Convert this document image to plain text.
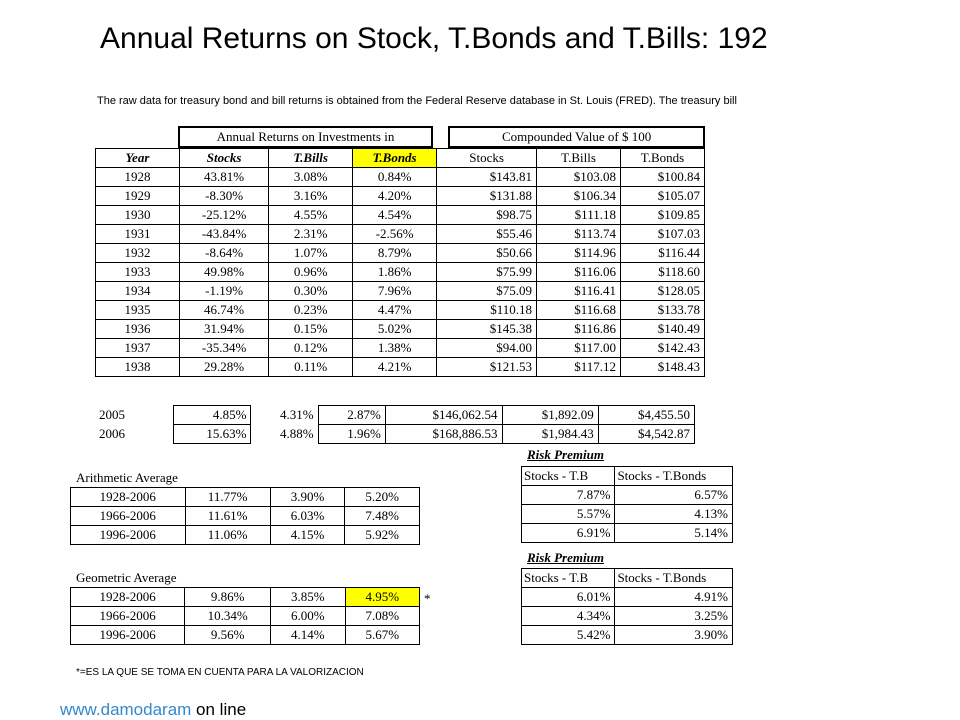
Annual Returns on Stock, T.Bonds and T.Bills: 192
The raw data for treasury bond and bill returns is obtained from the Federal Reserve database in St. Louis (FRED). The treasury bill
Annual Returns on Investments in		Compounded Value of $ 100
Year	Stocks	T.Bills	T.Bonds	Stocks	T.Bills	T.Bonds
1928	43.81%	3.08%	0.84%	$143.81	$103.08	$100.84
1929	-8.30%	3.16%	4.20%	$131.88	$106.34	$105.07
1930	-25.12%	4.55%	4.54%	$98.75	$111.18	$109.85
1931	-43.84%	2.31%	-2.56%	$55.46	$113.74	$107.03
1932	-8.64%	1.07%	8.79%	$50.66	$114.96	$116.44
1933	49.98%	0.96%	1.86%	$75.99	$116.06	$118.60
1934	-1.19%	0.30%	7.96%	$75.09	$116.41	$128.05
1935	46.74%	0.23%	4.47%	$110.18	$116.68	$133.78
1936	31.94%	0.15%	5.02%	$145.38	$116.86	$140.49
1937	-35.34%	0.12%	1.38%	$94.00	$117.00	$142.43
1938	29.28%	0.11%	4.21%	$121.53	$117.12	$148.43
2005	4.85%	4.31%	2.87%	$146,062.54	$1,892.09	$4,455.50
2006	15.63%	4.88%	1.96%	$168,886.53	$1,984.43	$4,542.87
Arithmetic Average
1928-2006	11.77%	3.90%	5.20%
1966-2006	11.61%	6.03%	7.48%
1996-2006	11.06%	4.15%	5.92%
Geometric Average
1928-2006	9.86%	3.85%	4.95%
1966-2006	10.34%	6.00%	7.08%
1996-2006	9.56%	4.14%	5.67%
*
Risk Premium
Stocks - T.B	Stocks - T.Bonds
7.87%	6.57%
5.57%	4.13%
6.91%	5.14%
Risk Premium
Stocks - T.B	Stocks - T.Bonds
6.01%	4.91%
4.34%	3.25%
5.42%	3.90%
*=ES LA QUE SE TOMA EN CUENTA PARA LA VALORIZACION
www.damodaram on line
